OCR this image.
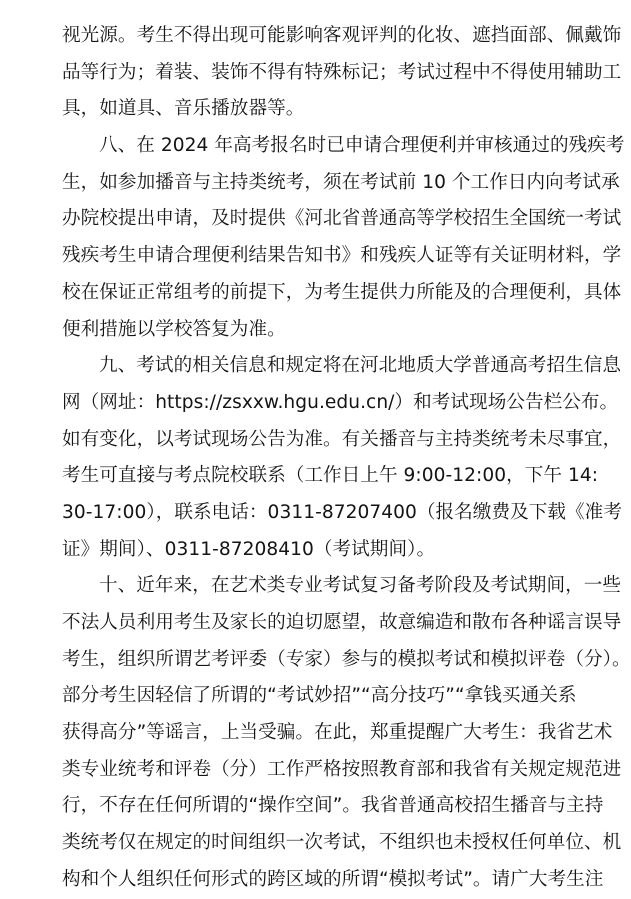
视光源。考生不得出现可能影响客观评判的化妆、遮挡面部、佩戴饰
品等行为；着装、装饰不得有特殊标记；考试过程中不得使用辅助工
具，如道具、音乐播放器等。
八、在 2024 年高考报名时已申请合理便利并审核通过的残疾考
生，如参加播音与主持类统考，须在考试前 10 个工作日内向考试承
办院校提出申请，及时提供《河北省普通高等学校招生全国统一考试
残疾考生申请合理便利结果告知书》和残疾人证等有关证明材料，学
校在保证正常组考的前提下，为考生提供力所能及的合理便利，具体
便利措施以学校答复为准。
九、考试的相关信息和规定将在河北地质大学普通高考招生信息
网（网址：https://zsxxw.hgu.edu.cn/）和考试现场公告栏公布。
如有变化，以考试现场公告为准。有关播音与主持类统考未尽事宜，
考生可直接与考点院校联系（工作日上午 9:00-12:00，下午 14:
30-17:00），联系电话：0311-87207400（报名缴费及下载《准考
证》期间）、0311-87208410（考试期间）。
十、近年来，在艺术类专业考试复习备考阶段及考试期间，一些
不法人员利用考生及家长的迫切愿望，故意编造和散布各种谣言误导
考生，组织所谓艺考评委（专家）参与的模拟考试和模拟评卷（分）。
部分考生因轻信了所谓的“考试妙招”“高分技巧”“拿钱买通关系
获得高分”等谣言，上当受骗。在此，郑重提醒广大考生：我省艺术
类专业统考和评卷（分）工作严格按照教育部和我省有关规定规范进
行，不存在任何所谓的“操作空间”。我省普通高校招生播音与主持
类统考仅在规定的时间组织一次考试，不组织也未授权任何单位、机
构和个人组织任何形式的跨区域的所谓“模拟考试”。请广大考生注
